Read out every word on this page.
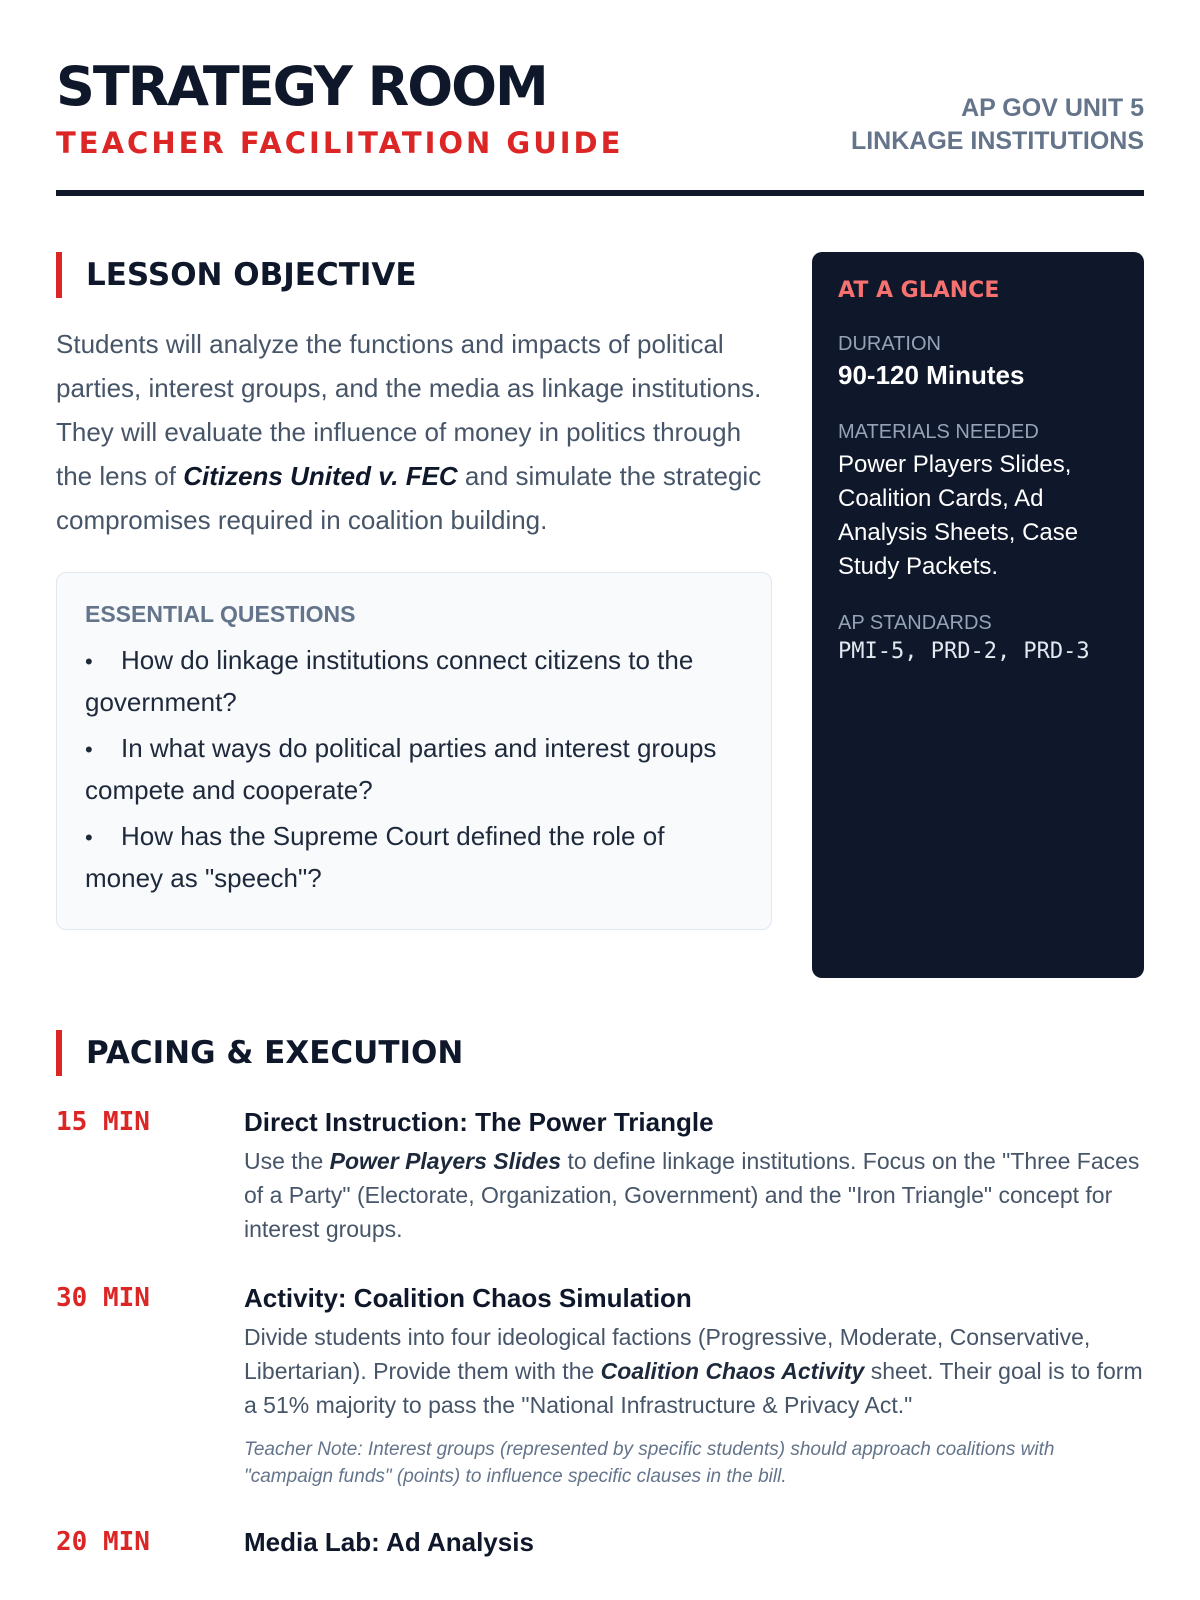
STRATEGY ROOM
TEACHER FACILITATION GUIDE
AP GOV UNIT 5
LINKAGE INSTITUTIONS
LESSON OBJECTIVE

Students will analyze the functions and impacts of political parties, interest groups, and the media as linkage institutions. They will evaluate the influence of money in politics through the lens of Citizens United v. FEC and simulate the strategic compromises required in coalition building.

ESSENTIAL QUESTIONS
• How do linkage institutions connect citizens to the government?
• In what ways do political parties and interest groups compete and cooperate?
• How has the Supreme Court defined the role of money as "speech"?
AT A GLANCE
DURATION
90-120 Minutes
MATERIALS NEEDED
Power Players Slides, Coalition Cards, Ad Analysis Sheets, Case Study Packets.
AP STANDARDS
PMI-5, PRD-2, PRD-3
PACING & EXECUTION
15 MIN	Direct Instruction: The Power Triangle
Use the Power Players Slides to define linkage institutions. Focus on the "Three Faces of a Party" (Electorate, Organization, Government) and the "Iron Triangle" concept for interest groups.
30 MIN	Activity: Coalition Chaos Simulation
Divide students into four ideological factions (Progressive, Moderate, Conservative, Libertarian). Provide them with the Coalition Chaos Activity sheet. Their goal is to form a 51% majority to pass the "National Infrastructure & Privacy Act."
Teacher Note: Interest groups (represented by specific students) should approach coalitions with "campaign funds" (points) to influence specific clauses in the bill.
20 MIN	Media Lab: Ad Analysis
